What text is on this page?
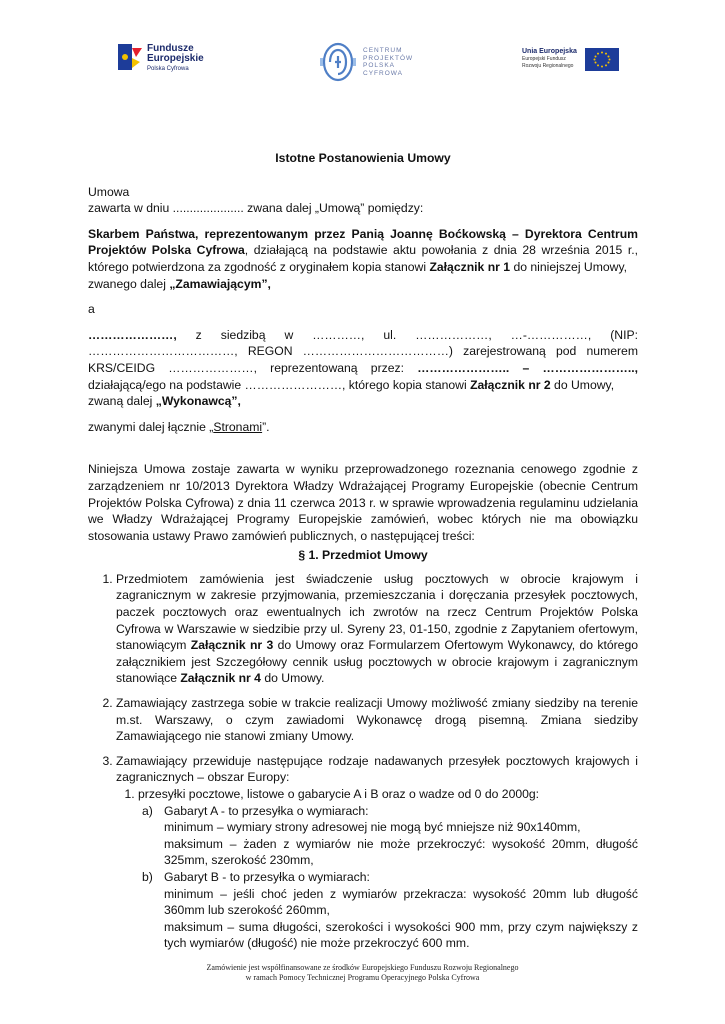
Fundusze
Europejskie
Polska Cyfrowa
CENTRUM
PROJEKTÓW
POLSKA
CYFROWA
Unia Europejska
Europejski Fundusz
Rozwoju Regionalnego
Istotne Postanowienia Umowy

Umowa

zawarta w dniu ..................... zwana dalej „Umową” pomiędzy:

Skarbem Państwa, reprezentowanym przez Panią Joannę Boćkowską – Dyrektora Centrum Projektów Polska Cyfrowa, działającą na podstawie aktu powołania z dnia 28 września 2015 r., którego potwierdzona za zgodność z oryginałem kopia stanowi Załącznik nr 1 do niniejszej Umowy,

zwanego dalej „Zamawiającym”,

a

…………………, z siedzibą w …………, ul. ………………, …-……………, (NIP: ………………………………, REGON ………………………………) zarejestrowaną pod numerem KRS/CEIDG …………………, reprezentowaną przez: ………………….. – ………………….., działającą/ego na podstawie ……………………, którego kopia stanowi Załącznik nr 2 do Umowy,

zwaną dalej „Wykonawcą”,

zwanymi dalej łącznie „Stronami”.

Niniejsza Umowa zostaje zawarta w wyniku przeprowadzonego rozeznania cenowego zgodnie z zarządzeniem nr 10/2013 Dyrektora Władzy Wdrażającej Programy Europejskie (obecnie Centrum Projektów Polska Cyfrowa) z dnia 11 czerwca 2013 r. w sprawie wprowadzenia regulaminu udzielania we Władzy Wdrażającej Programy Europejskie zamówień, wobec których nie ma obowiązku stosowania ustawy Prawo zamówień publicznych, o następującej treści:

§ 1. Przedmiot Umowy
1. Przedmiotem zamówienia jest świadczenie usług pocztowych w obrocie krajowym i zagranicznym w zakresie przyjmowania, przemieszczania i doręczania przesyłek pocztowych, paczek pocztowych oraz ewentualnych ich zwrotów na rzecz Centrum Projektów Polska Cyfrowa w Warszawie w siedzibie przy ul. Syreny 23, 01-150, zgodnie z Zapytaniem ofertowym, stanowiącym Załącznik nr 3 do Umowy oraz Formularzem Ofertowym Wykonawcy, do którego załącznikiem jest Szczegółowy cennik usług pocztowych w obrocie krajowym i zagranicznym stanowiące Załącznik nr 4 do Umowy.
2. Zamawiający zastrzega sobie w trakcie realizacji Umowy możliwość zmiany siedziby na terenie m.st. Warszawy, o czym zawiadomi Wykonawcę drogą pisemną. Zmiana siedziby Zamawiającego nie stanowi zmiany Umowy.
3. Zamawiający przewiduje następujące rodzaje nadawanych przesyłek pocztowych krajowych i zagranicznych – obszar Europy:
1. przesyłki pocztowe, listowe o gabarycie A i B oraz o wadze od 0 do 2000g:
a) Gabaryt A - to przesyłka o wymiarach:
minimum – wymiary strony adresowej nie mogą być mniejsze niż 90x140mm,
maksimum – żaden z wymiarów nie może przekroczyć: wysokość 20mm, długość 325mm, szerokość 230mm,
b) Gabaryt B - to przesyłka o wymiarach:
minimum – jeśli choć jeden z wymiarów przekracza: wysokość 20mm lub długość 360mm lub szerokość 260mm,
maksimum – suma długości, szerokości i wysokości 900 mm, przy czym największy z tych wymiarów (długość) nie może przekroczyć 600 mm.
Zamówienie jest współfinansowane ze środków Europejskiego Funduszu Rozwoju Regionalnego
w ramach Pomocy Technicznej Programu Operacyjnego Polska Cyfrowa
